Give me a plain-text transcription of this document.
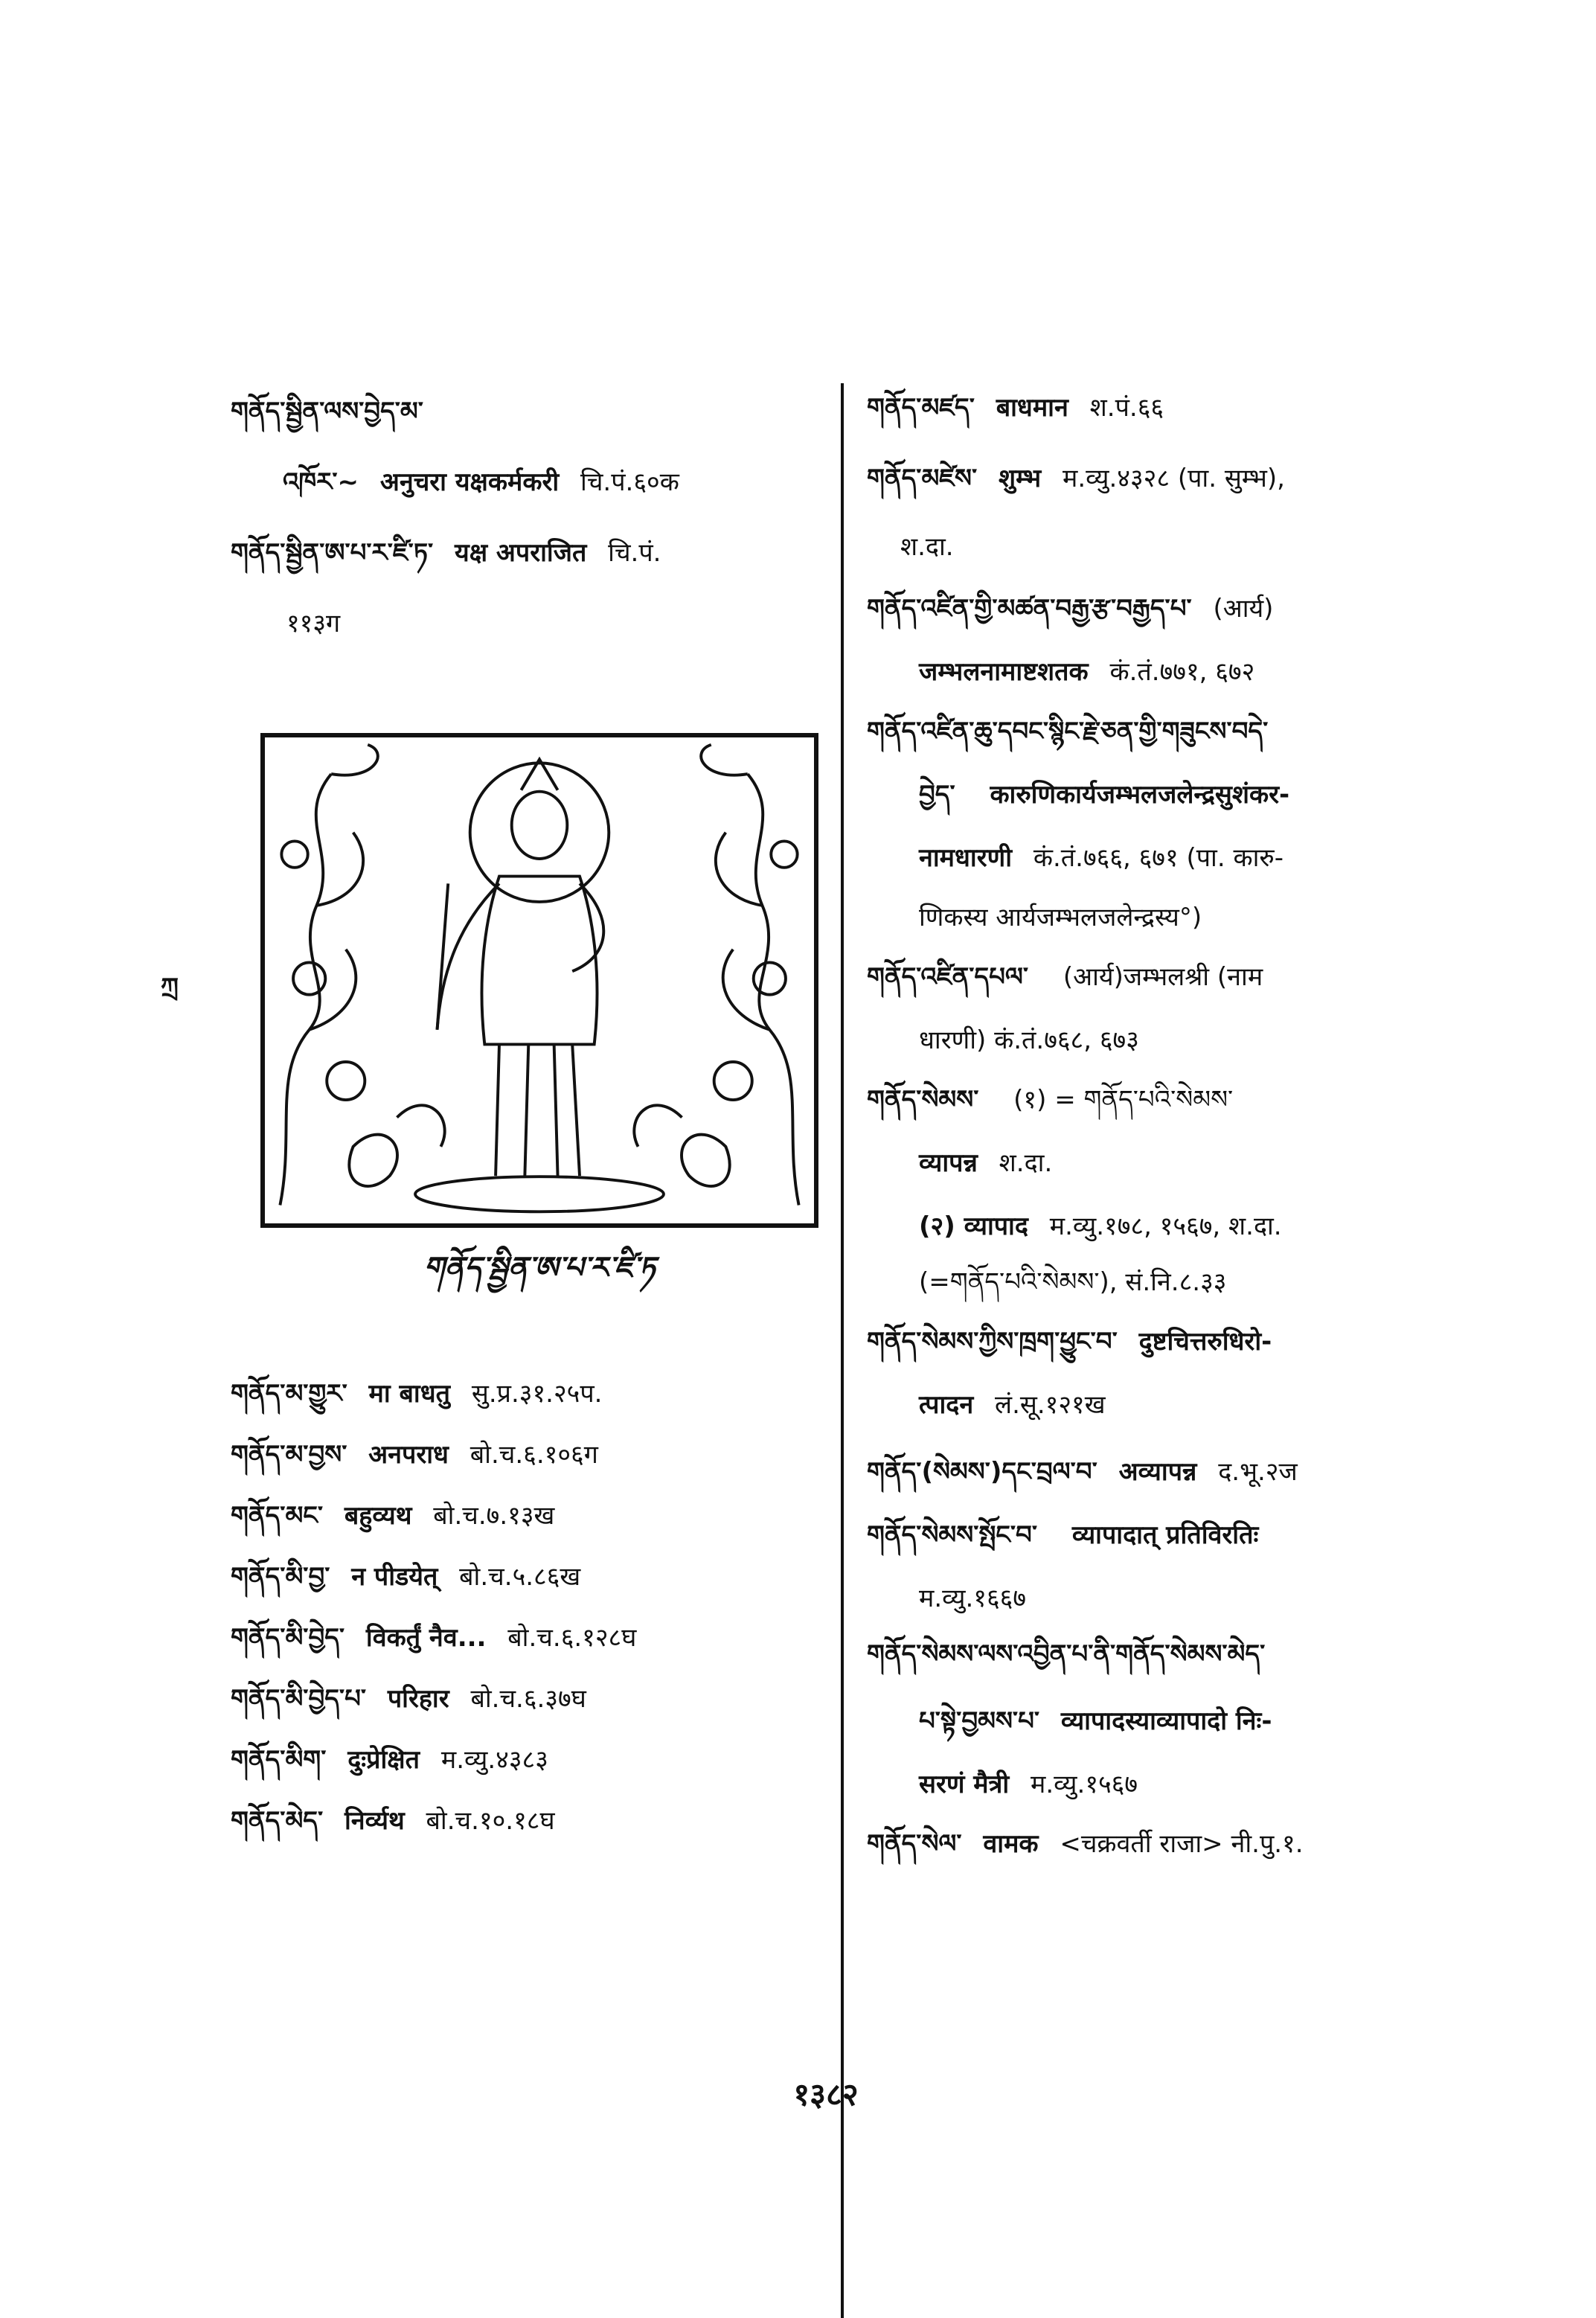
གནོད་སྦྱིན་ལས་བྱེད་མ་
འཁོར་~ अनुचरा यक्षकर्मकरी चि.पं.६०क
གནོད་སྦྱིན་ཨ་པ་ར་ཛི་ཏ་ यक्ष अपराजित चि.पं.
११३ग
གནོད་སྦྱིན་ཨ་པ་ར་ཛི་ཏ
ཀྲ
གནོད་མ་གྱུར་ मा बाधतु सु.प्र.३१.२५प.
གནོད་མ་བྱས་ अनपराध बो.च.६.१०६ग
གནོད་མང་ बहुव्यथ बो.च.७.१३ख
གནོད་མི་བྱ་ न पीडयेत् बो.च.५.८६ख
གནོད་མི་བྱེད་ विकर्तुं नैव... बो.च.६.१२८घ
གནོད་མི་བྱེད་པ་ परिहार बो.च.६.३७घ
གནོད་མིག་ दुःप्रेक्षित म.व्यु.४३८३
གནོད་མེད་ निर्व्यथ बो.च.१०.१८घ
གནོད་མཛད་ बाधमान श.पं.६६
གནོད་མཛེས་ शुम्भ म.व्यु.४३२८ (पा. सुम्भ),
श.दा.
གནོད་འཛིན་གྱི་མཚན་བརྒྱ་རྩ་བརྒྱད་པ་ (आर्य)
जम्भलनामाष्टशतक कं.तं.७७१, ६७२
གནོད་འཛིན་ཆུ་དབང་སྙིང་རྗེ་ཅན་གྱི་གཟུངས་བདེ་
བྱེད་ कारुणिकार्यजम्भलजलेन्द्रसुशंकर-
नामधारणी कं.तं.७६६, ६७१ (पा. कारु-
णिकस्य आर्यजम्भलजलेन्द्रस्य°)
གནོད་འཛིན་དཔལ་ (आर्य)जम्भलश्री (नाम
धारणी) कं.तं.७६८, ६७३
གནོད་སེམས་ (१) = གནོད་པའི་སེམས་
व्यापन्न श.दा.
(२) व्यापाद म.व्यु.१७८, १५६७, श.दा.
(=གནོད་པའི་སེམས་), सं.नि.८.३३
གནོད་སེམས་ཀྱིས་ཁྲག་ཕྱུང་བ་ दुष्टचित्तरुधिरो-
त्पादन लं.सू.१२१ख
གནོད་(སེམས་)དང་བྲལ་བ་ अव्यापन्न द.भू.२ज
གནོད་སེམས་སྤོང་བ་ व्यापादात् प्रतिविरतिः
म.व्यु.१६६७
གནོད་སེམས་ལས་འབྱིན་པ་ནི་གནོད་སེམས་མེད་
པ་སྟེ་བྱམས་པ་ व्यापादस्याव्यापादो निः-
सरणं मैत्री म.व्यु.१५६७
གནོད་སེལ་ वामक <चक्रवर्ती राजा> नी.पु.१.
१३८२
